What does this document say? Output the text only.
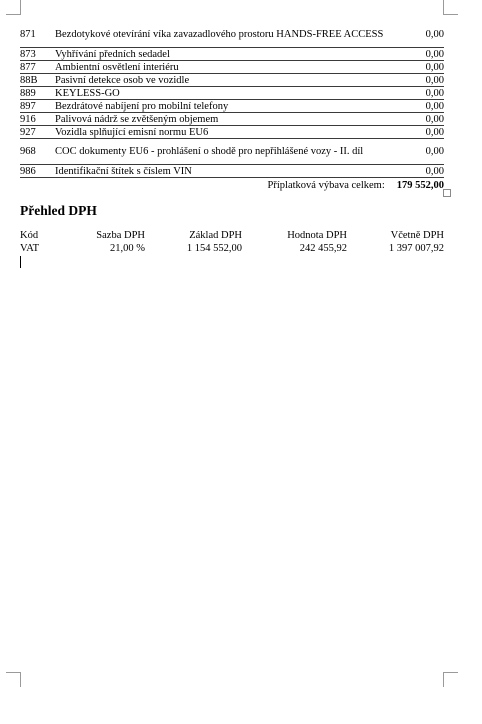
871	Bezdotykové otevírání víka zavazadlového prostoru HANDS-FREE ACCESS	0,00
873	Vyhřívání předních sedadel	0,00
877	Ambientní osvětlení interiéru	0,00
88B	Pasivní detekce osob ve vozidle	0,00
889	KEYLESS-GO	0,00
897	Bezdrátové nabíjení pro mobilní telefony	0,00
916	Palivová nádrž se zvětšeným objemem	0,00
927	Vozidla splňující emisní normu EU6	0,00
968	COC dokumenty EU6 - prohlášení o shodě pro nepřihlášené vozy - II. díl	0,00
986	Identifikační štítek s číslem VIN	0,00
Příplatková výbava celkem: 179 552,00
Přehled DPH
Kód	Sazba DPH	Základ DPH	Hodnota DPH	Včetně DPH
VAT	21,00 %	1 154 552,00	242 455,92	1 397 007,92
